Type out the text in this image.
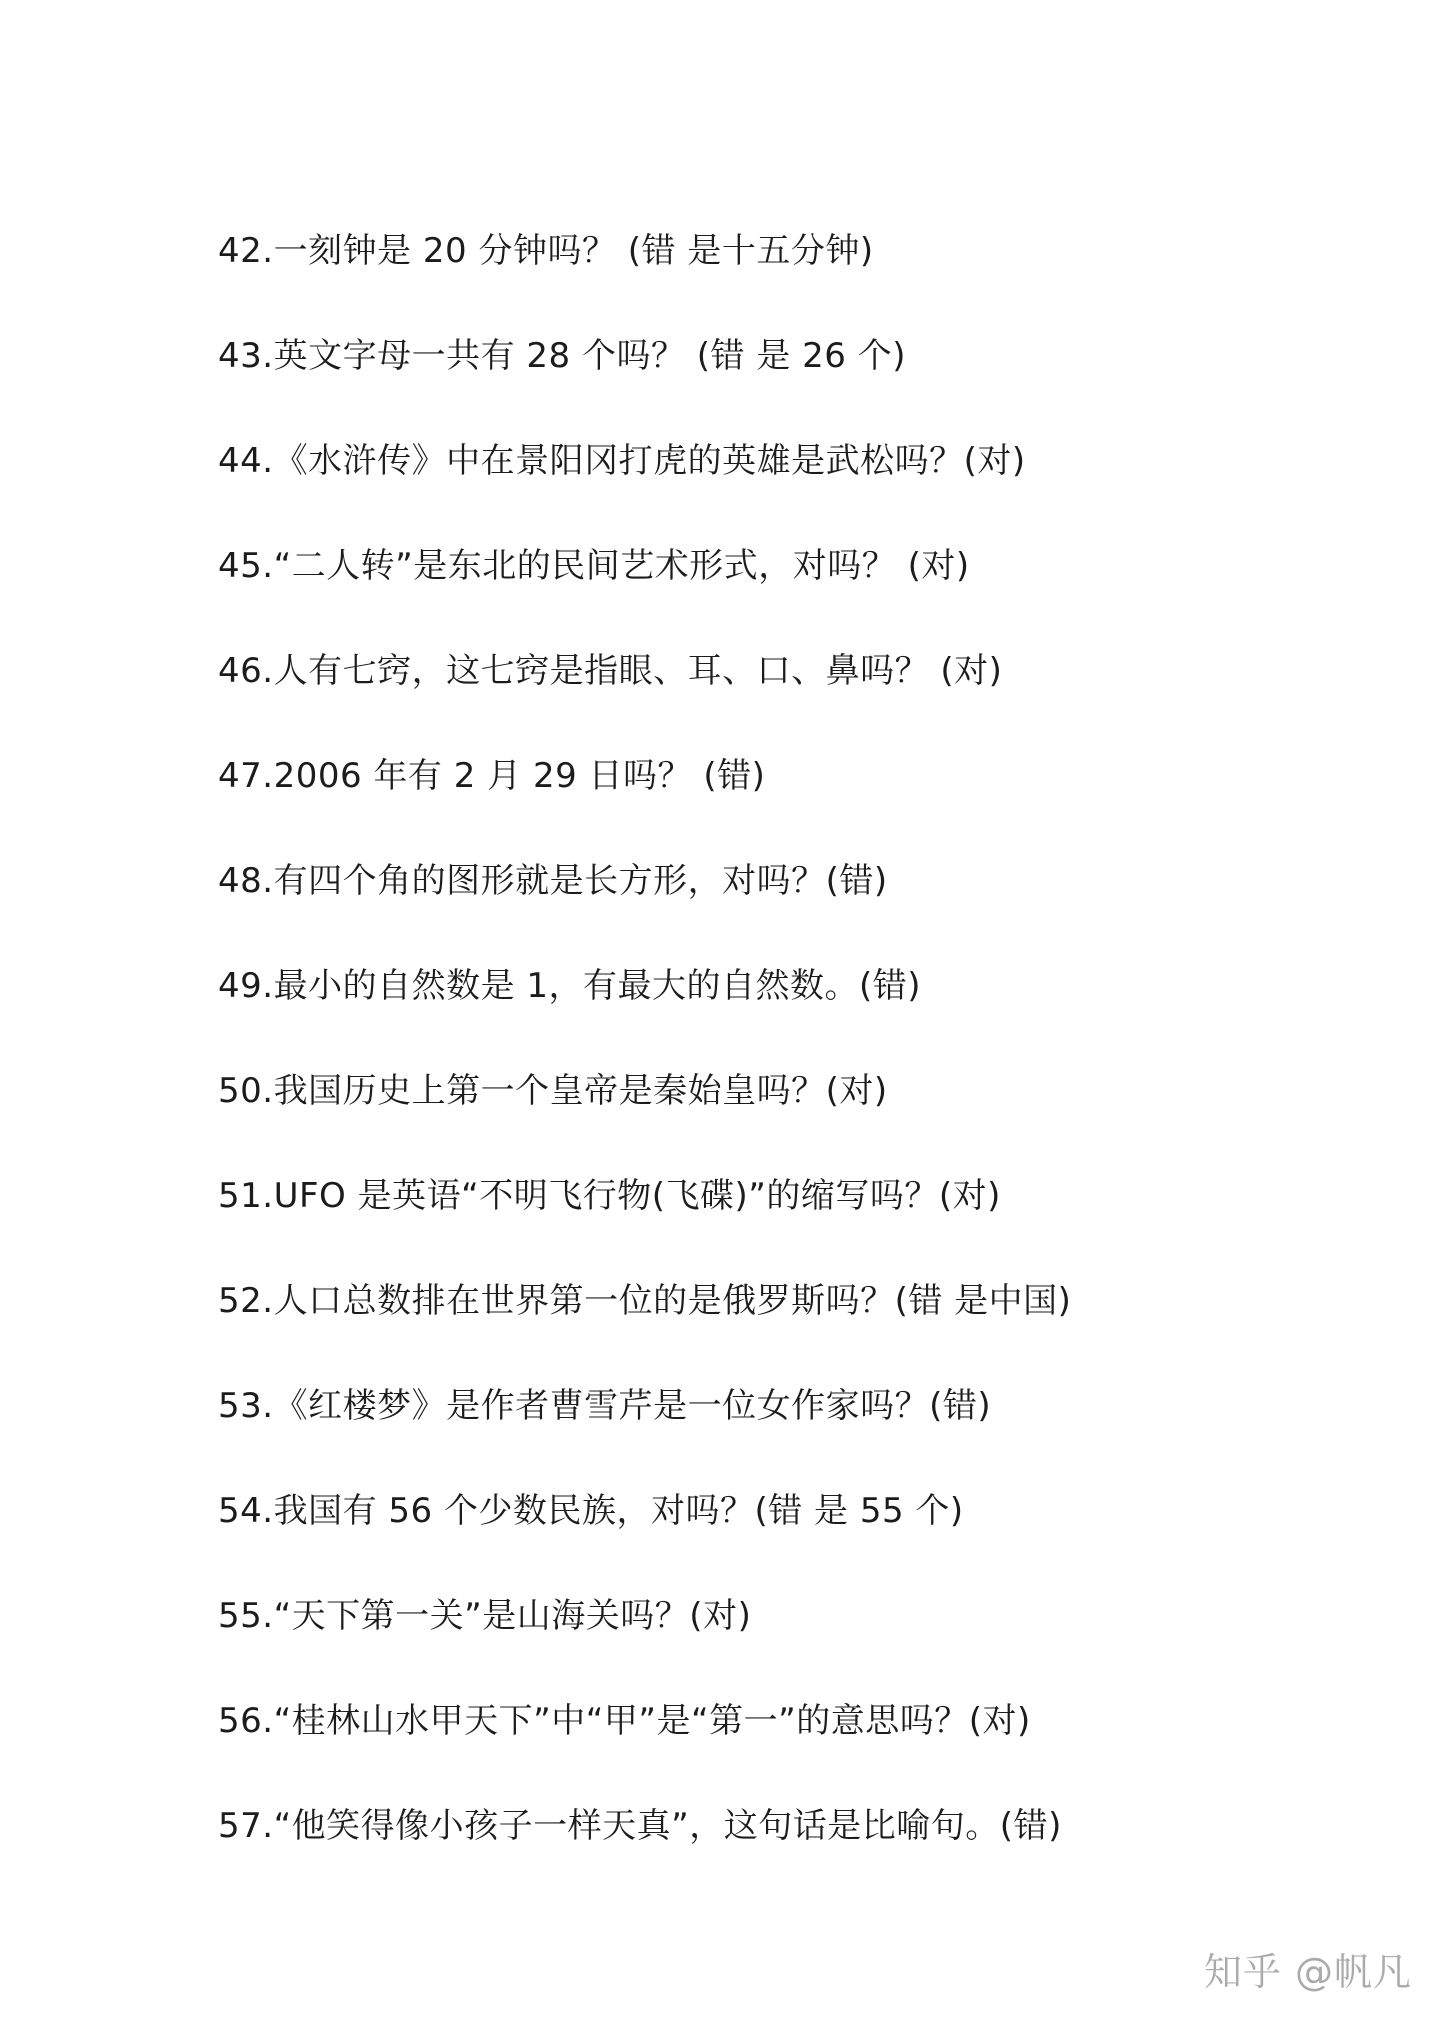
42.一刻钟是 20 分钟吗？ (错 是十五分钟)
43.英文字母一共有 28 个吗？ (错 是 26 个)
44.《水浒传》中在景阳冈打虎的英雄是武松吗？(对)
45.“二人转”是东北的民间艺术形式，对吗？ (对)
46.人有七窍，这七窍是指眼、耳、口、鼻吗？ (对)
47.2006 年有 2 月 29 日吗？ (错)
48.有四个角的图形就是长方形，对吗？(错)
49.最小的自然数是 1，有最大的自然数。(错)
50.我国历史上第一个皇帝是秦始皇吗？(对)
51.UFO 是英语“不明飞行物(飞碟)”的缩写吗？(对)
52.人口总数排在世界第一位的是俄罗斯吗？(错 是中国)
53.《红楼梦》是作者曹雪芹是一位女作家吗？(错)
54.我国有 56 个少数民族，对吗？(错 是 55 个)
55.“天下第一关”是山海关吗？(对)
56.“桂林山水甲天下”中“甲”是“第一”的意思吗？(对)
57.“他笑得像小孩子一样天真”，这句话是比喻句。(错)
知乎 @帆凡
